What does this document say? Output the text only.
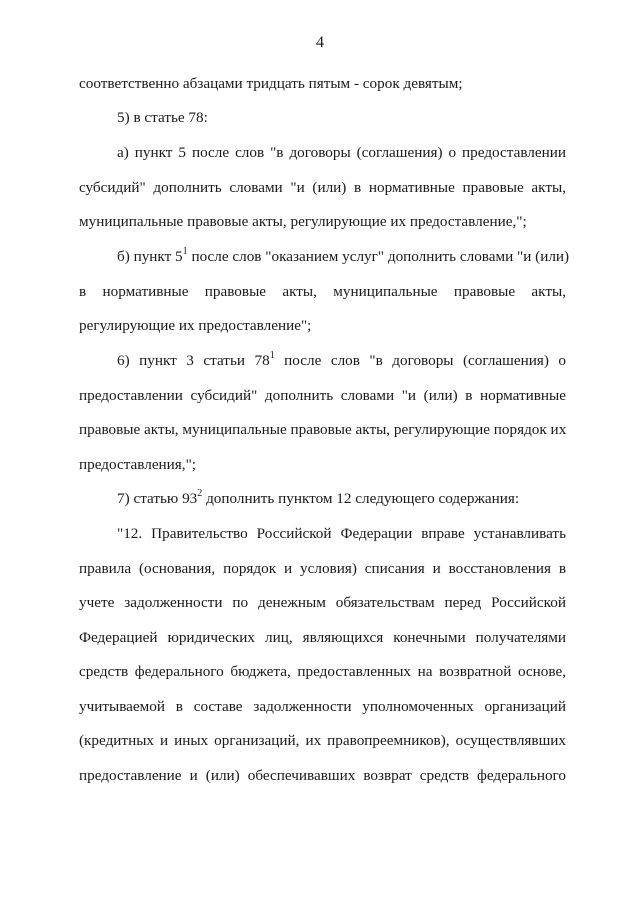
4
соответственно абзацами тридцать пятым - сорок девятым;
5) в статье 78:
а) пункт 5 после слов "в договоры (соглашения) о предоставлении
субсидий" дополнить словами "и (или) в нормативные правовые акты,
муниципальные правовые акты, регулирующие их предоставление,";
б) пункт $5^1$ после слов "оказанием услуг" дополнить словами "и (или)
в нормативные правовые акты, муниципальные правовые акты,
регулирующие их предоставление";
6) пункт 3 статьи $78^1$ после слов "в договоры (соглашения) о
предоставлении субсидий" дополнить словами "и (или) в нормативные
правовые акты, муниципальные правовые акты, регулирующие порядок их
предоставления,";
7) статью $93^2$ дополнить пунктом 12 следующего содержания:
"12. Правительство Российской Федерации вправе устанавливать
правила (основания, порядок и условия) списания и восстановления в
учете задолженности по денежным обязательствам перед Российской
Федерацией юридических лиц, являющихся конечными получателями
средств федерального бюджета, предоставленных на возвратной основе,
учитываемой в составе задолженности уполномоченных организаций
(кредитных и иных организаций, их правопреемников), осуществлявших
предоставление и (или) обеспечивавших возврат средств федерального
